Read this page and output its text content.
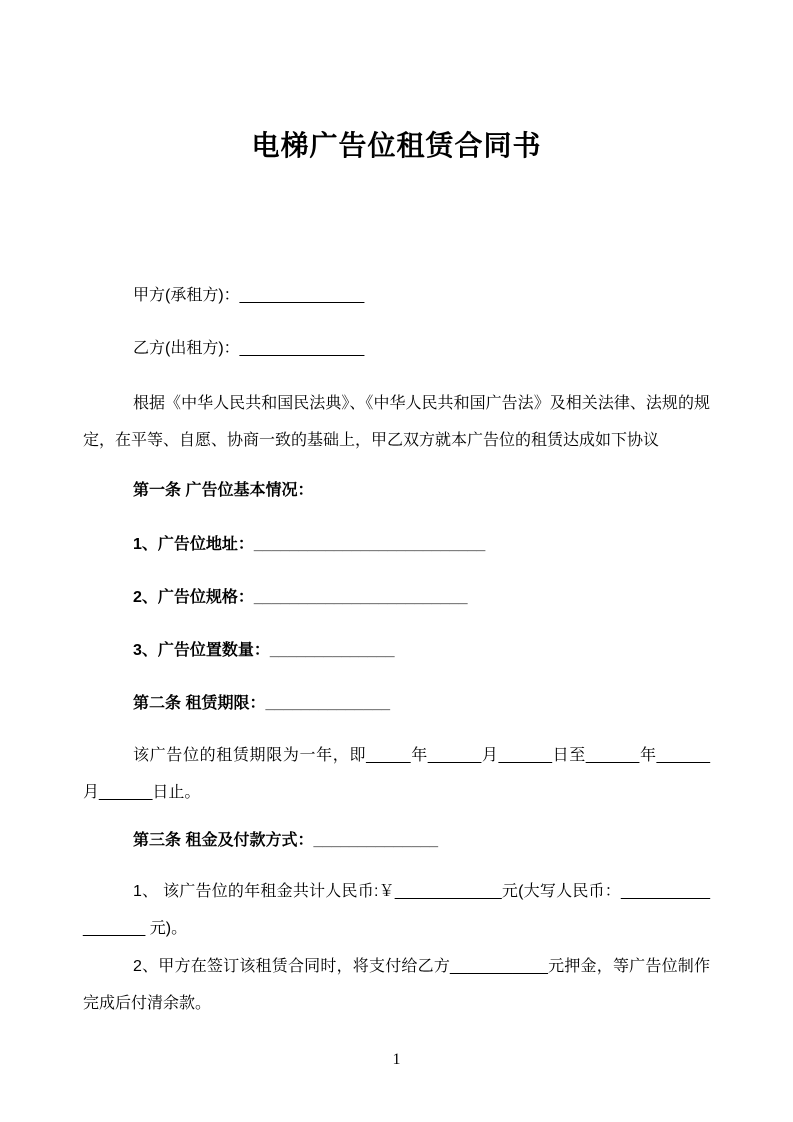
电梯广告位租赁合同书

甲方(承租方)：______________

乙方(出租方)：______________

根据《中华人民共和国民法典》、《中华人民共和国广告法》及相关法律、法规的规定，在平等、自愿、协商一致的基础上，甲乙双方就本广告位的租赁达成如下协议

第一条 广告位基本情况：

1、广告位地址：__________________________

2、广告位规格：________________________

3、广告位置数量：______________

第二条 租赁期限：______________

该广告位的租赁期限为一年，即_____年______月______日至______年______月______日止。

第三条 租金及付款方式：______________

1、 该广告位的年租金共计人民币:￥____________元(大写人民币：_________________ 元)。

2、甲方在签订该租赁合同时，将支付给乙方___________元押金，等广告位制作完成后付清余款。

1
